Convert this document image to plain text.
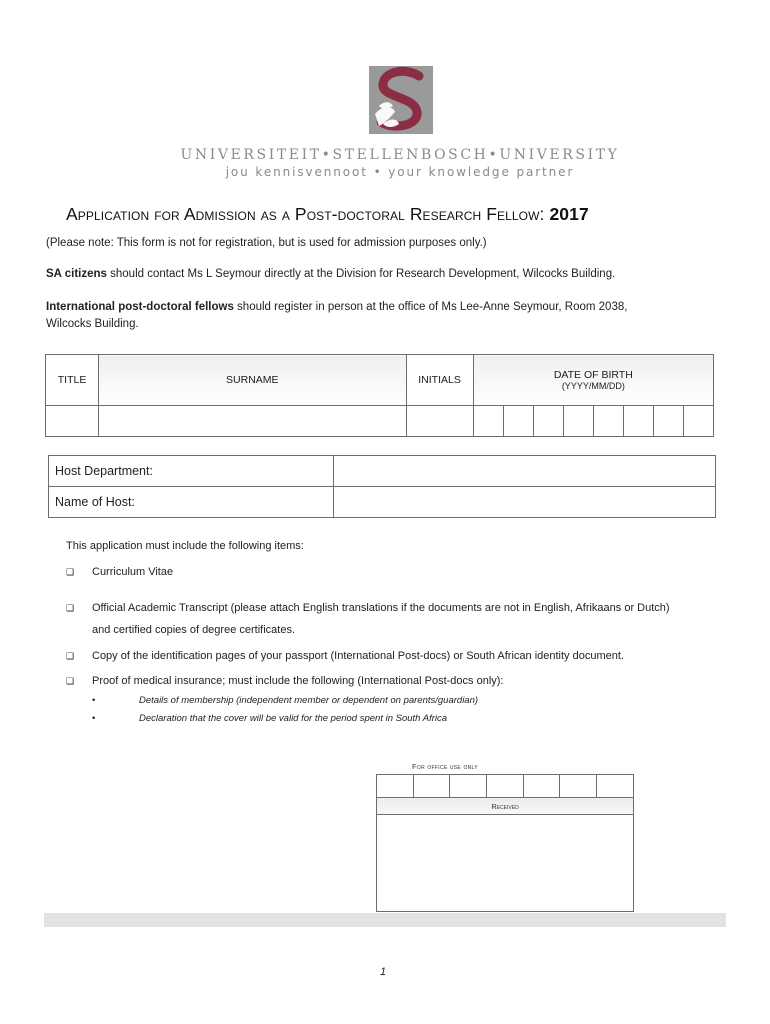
UNIVERSITEIT•STELLENBOSCH•UNIVERSITY
jou kennisvennoot • your knowledge partner
Application for Admission as a Post-doctoral Research Fellow: 2017
(Please note: This form is not for registration, but is used for admission purposes only.)
SA citizens should contact Ms L Seymour directly at the Division for Research Development, Wilcocks Building.
International post-doctoral fellows should register in person at the office of Ms Lee-Anne Seymour, Room 2038,
Wilcocks Building.
TITLE	SURNAME	INITIALS	DATE OF BIRTH
(YYYY/MM/DD)							

Host Department:	
Name of Host:	
This application must include the following items:
❑ Curriculum Vitae
❑ Official Academic Transcript (please attach English translations if the documents are not in English, Afrikaans or Dutch)
and certified copies of degree certificates.
❑ Copy of the identification pages of your passport (International Post-docs) or South African identity document.
❑ Proof of medical insurance; must include the following (International Post-docs only):
•	Details of membership (independent member or dependent on parents/guardian)
•	Declaration that the cover will be valid for the period spent in South Africa
For office use only

Received

1
